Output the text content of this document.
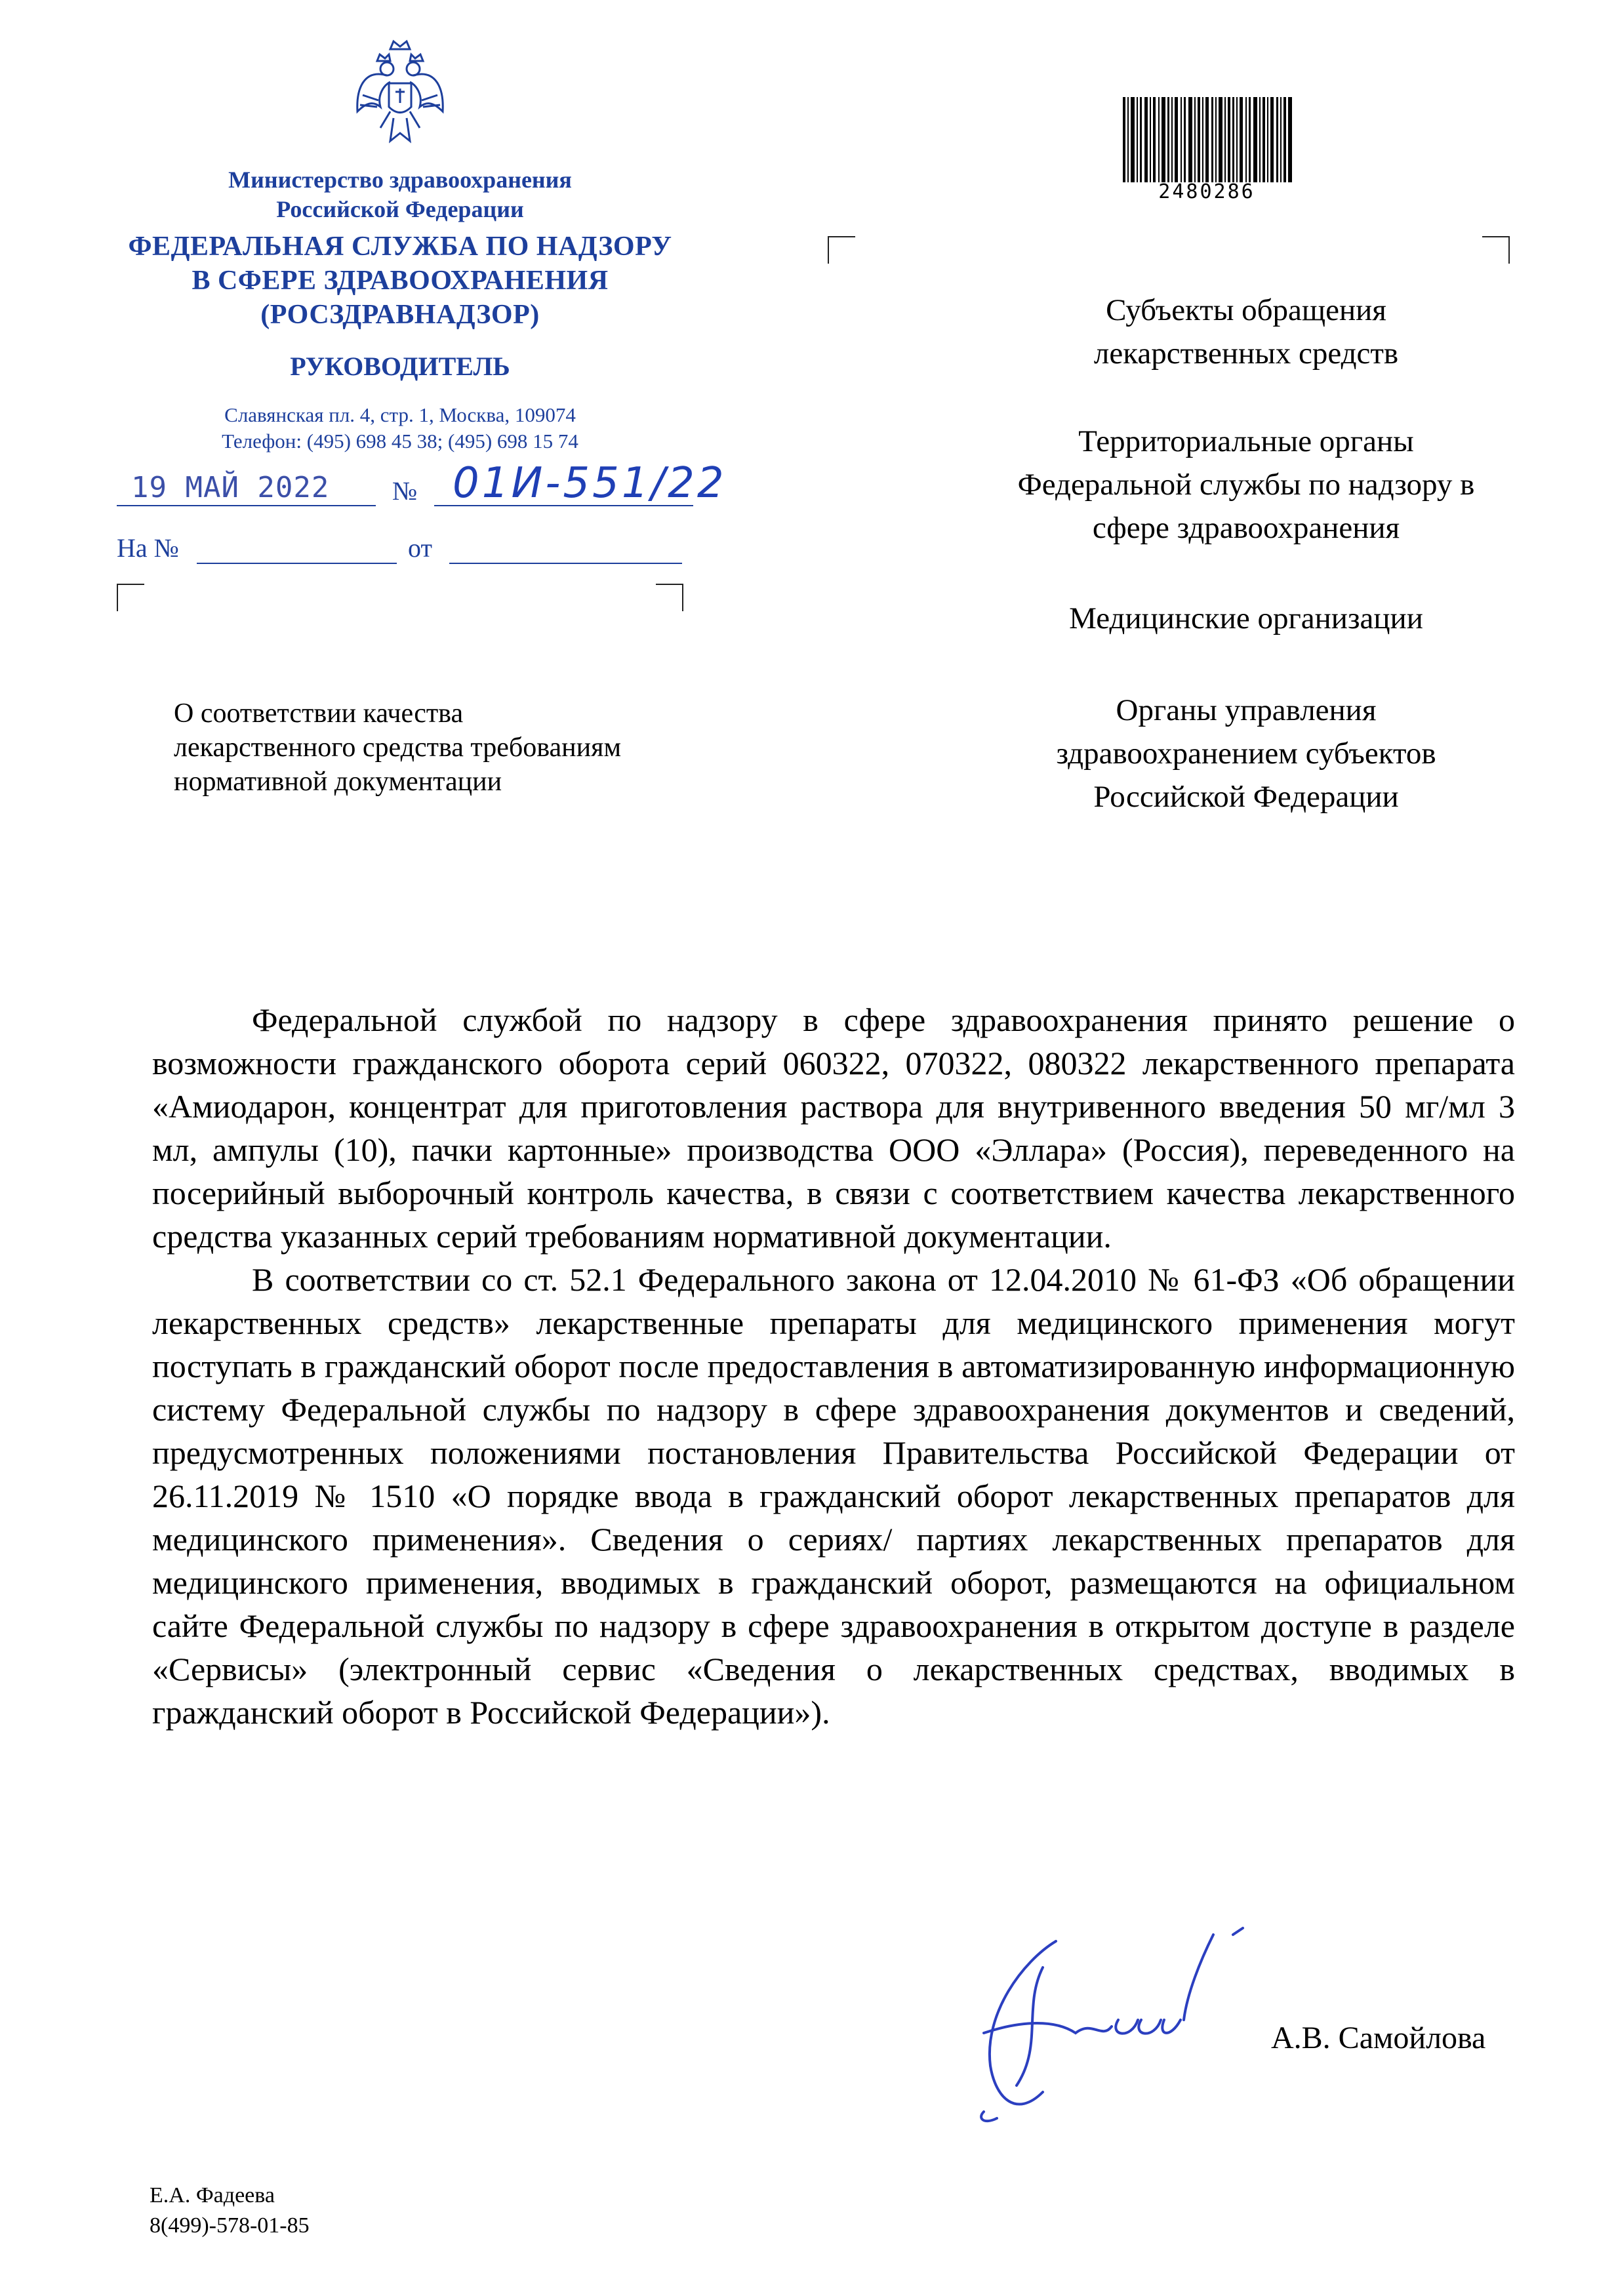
Министерство здравоохранения
Российской Федерации
ФЕДЕРАЛЬНАЯ СЛУЖБА ПО НАДЗОРУ
В СФЕРЕ ЗДРАВООХРАНЕНИЯ
(РОСЗДРАВНАДЗОР)
РУКОВОДИТЕЛЬ
Славянская пл. 4, стр. 1, Москва, 109074
Телефон: (495) 698 45 38; (495) 698 15 74
19 МАЙ 2022 № 01И-551/22
На №	от
О соответствии качества
лекарственного средства требованиям
нормативной документации
2480286
Субъекты обращения
лекарственных средств
Территориальные органы
Федеральной службы по надзору в
сфере здравоохранения
Медицинские организации
Органы управления
здравоохранением субъектов
Российской Федерации

Федеральной службой по надзору в сфере здравоохранения принято решение о возможности гражданского оборота серий 060322, 070322, 080322 лекарственного препарата «Амиодарон, концентрат для приготовления раствора для внутривенного введения 50 мг/мл 3 мл, ампулы (10), пачки картонные» производства ООО «Эллара» (Россия), переведенного на посерийный выборочный контроль качества, в связи с соответствием качества лекарственного средства указанных серий требованиям нормативной документации.

В соответствии со ст. 52.1 Федерального закона от 12.04.2010 № 61-ФЗ «Об обращении лекарственных средств» лекарственные препараты для медицинского применения могут поступать в гражданский оборот после предоставления в автоматизированную информационную систему Федеральной службы по надзору в сфере здравоохранения документов и сведений, предусмотренных положениями постановления Правительства Российской Федерации от 26.11.2019 № 1510 «О порядке ввода в гражданский оборот лекарственных препаратов для медицинского применения». Сведения о сериях/ партиях лекарственных препаратов для медицинского применения, вводимых в гражданский оборот, размещаются на официальном сайте Федеральной службы по надзору в сфере здравоохранения в открытом доступе в разделе «Сервисы» (электронный сервис «Сведения о лекарственных средствах, вводимых в гражданский оборот в Российской Федерации»).

А.В. Самойлова
Е.А. Фадеева
8(499)-578-01-85
